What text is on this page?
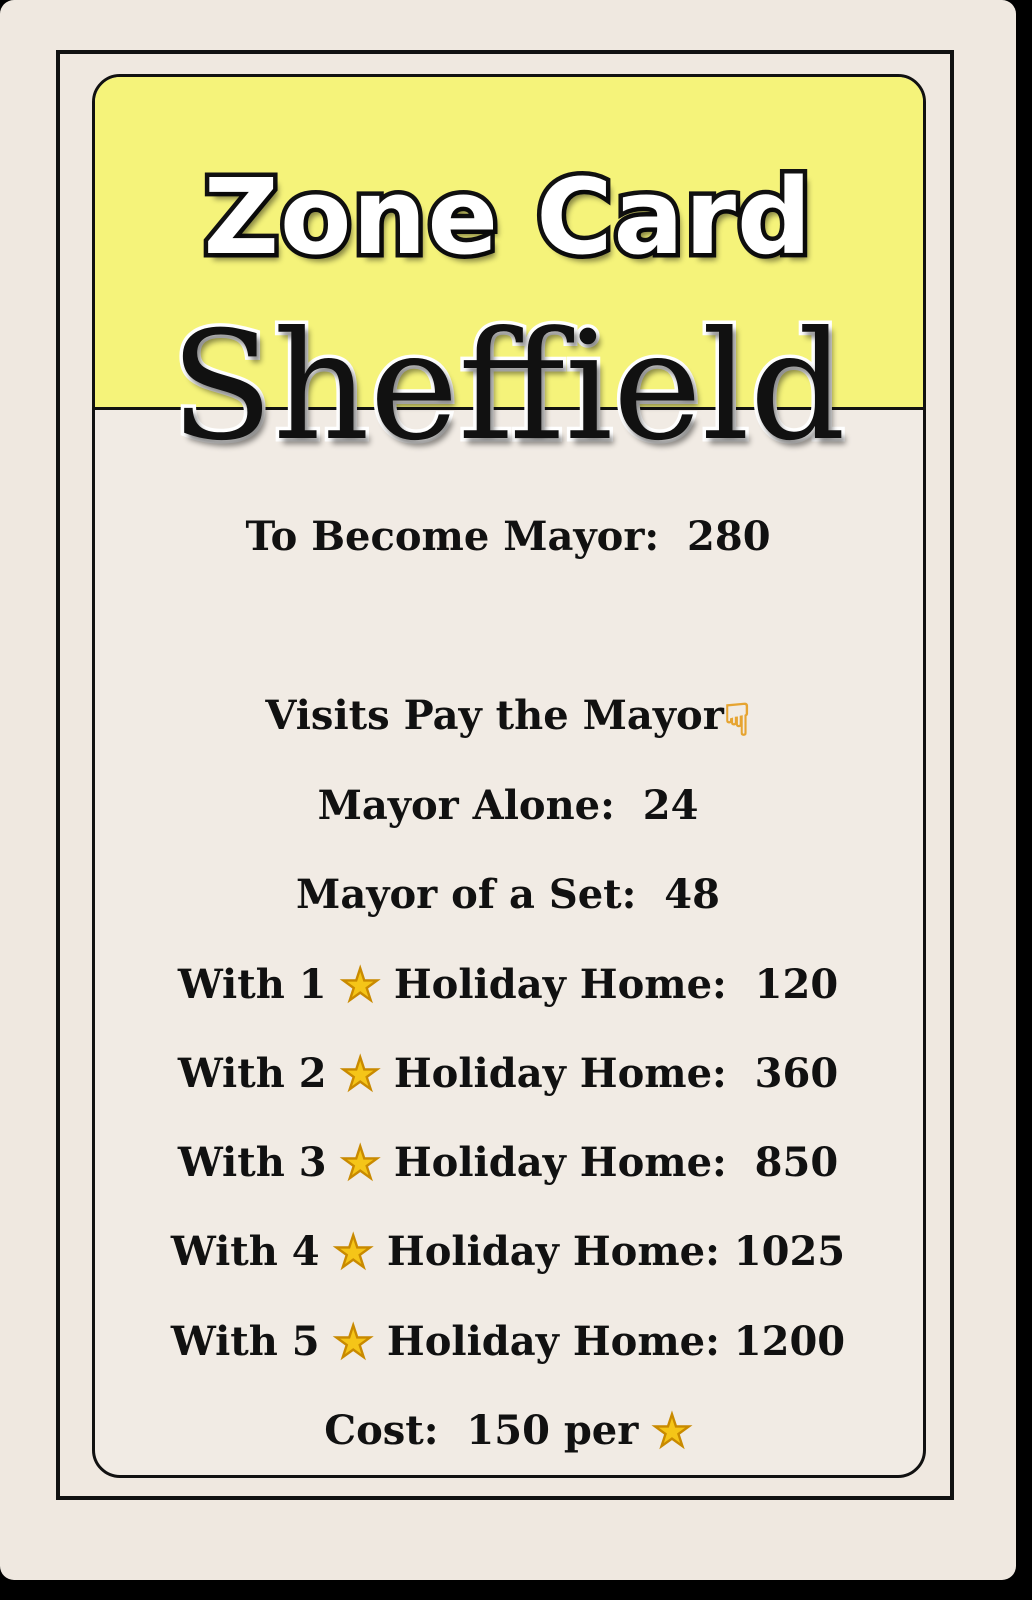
Zone Card
Sheffield
To Become Mayor: 280
Visits Pay the Mayor☟
Mayor Alone: 24
Mayor of a Set: 48
With 1 ★ Holiday Home: 120
With 2 ★ Holiday Home: 360
With 3 ★ Holiday Home: 850
With 4 ★ Holiday Home: 1025
With 5 ★ Holiday Home: 1200
Cost: 150 per ★
